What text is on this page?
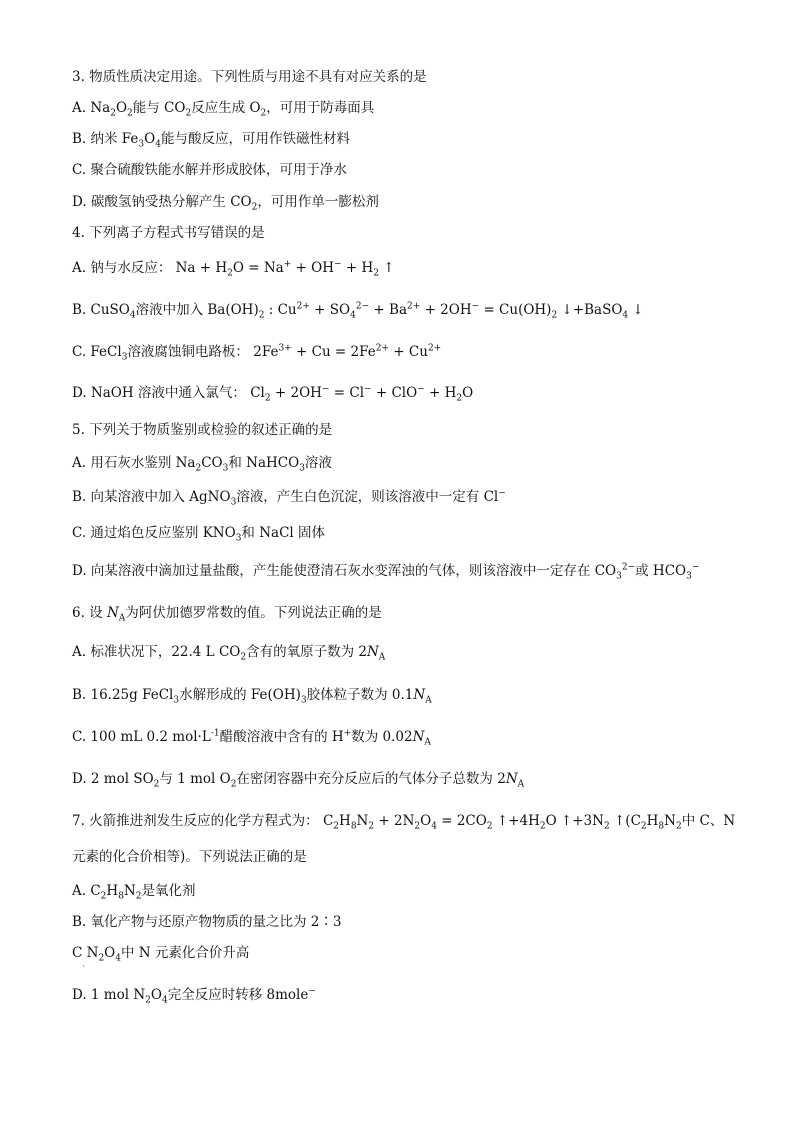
3. 物质性质决定用途。下列性质与用途不具有对应关系的是
A. $Na_2O_2$能与 $CO_2$反应生成 $O_2$，可用于防毒面具
B. 纳米 $Fe_3O_4$能与酸反应，可用作铁磁性材料
C. 聚合硫酸铁能水解并形成胶体，可用于净水
D. 碳酸氢钠受热分解产生 $CO_2$，可用作单一膨松剂
4. 下列离子方程式书写错误的是
A. 钠与水反应： $Na + H_2O = Na^+ + OH^- + H_2$ ↑
B. CuSO$_4$溶液中加入 $Ba(OH)_2$ : $Cu^{2+} + SO_4^{2-} + Ba^{2+} + 2OH^- = Cu(OH)_2$ ↓+BaSO$_4$ ↓
C. FeCl$_3$溶液腐蚀铜电路板： $2Fe^{3+} + Cu = 2Fe^{2+} + Cu^{2+}$
D. NaOH 溶液中通入氯气： $Cl_2 + 2OH^- = Cl^- + ClO^- + H_2O$
5. 下列关于物质鉴别或检验的叙述正确的是
A. 用石灰水鉴别 $Na_2CO_3$和 NaHCO$_3$溶液
B. 向某溶液中加入 AgNO$_3$溶液，产生白色沉淀，则该溶液中一定有 Cl−
C. 通过焰色反应鉴别 $KNO_3$和 NaCl 固体
D. 向某溶液中滴加过量盐酸，产生能使澄清石灰水变浑浊的气体，则该溶液中一定存在 $CO_3^{2-}$或 $HCO_3^-$
6. 设 $N_A$为阿伏加德罗常数的值。下列说法正确的是
A. 标准状况下，22.4 L $CO_2$含有的氧原子数为 $2N_A$
B. 16.25g FeCl$_3$水解形成的 $Fe(OH)_3$胶体粒子数为 $0.1N_A$
C. 100 mL 0.2 $mol\cdot L^{-1}$醋酸溶液中含有的 H+数为 $0.02N_A$
D. 2 mol $SO_2$与 1 mol $O_2$在密闭容器中充分反应后的气体分子总数为 $2N_A$
7. 火箭推进剂发生反应的化学方程式为： $C_2H_8N_2 + 2N_2O_4 = 2CO_2$ $↑+4H_2O$ $↑+3N_2$ $↑(C_2H_8N_2$中 C、N
元素的化合价相等)。下列说法正确的是
A. $C_2H_8N_2$是氧化剂
B. 氧化产物与还原产物物质的量之比为 2∶3
C $N_2O_4$中 N 元素化合价升高
D. 1 mol $N_2O_4$完全反应时转移 8mole−
·
